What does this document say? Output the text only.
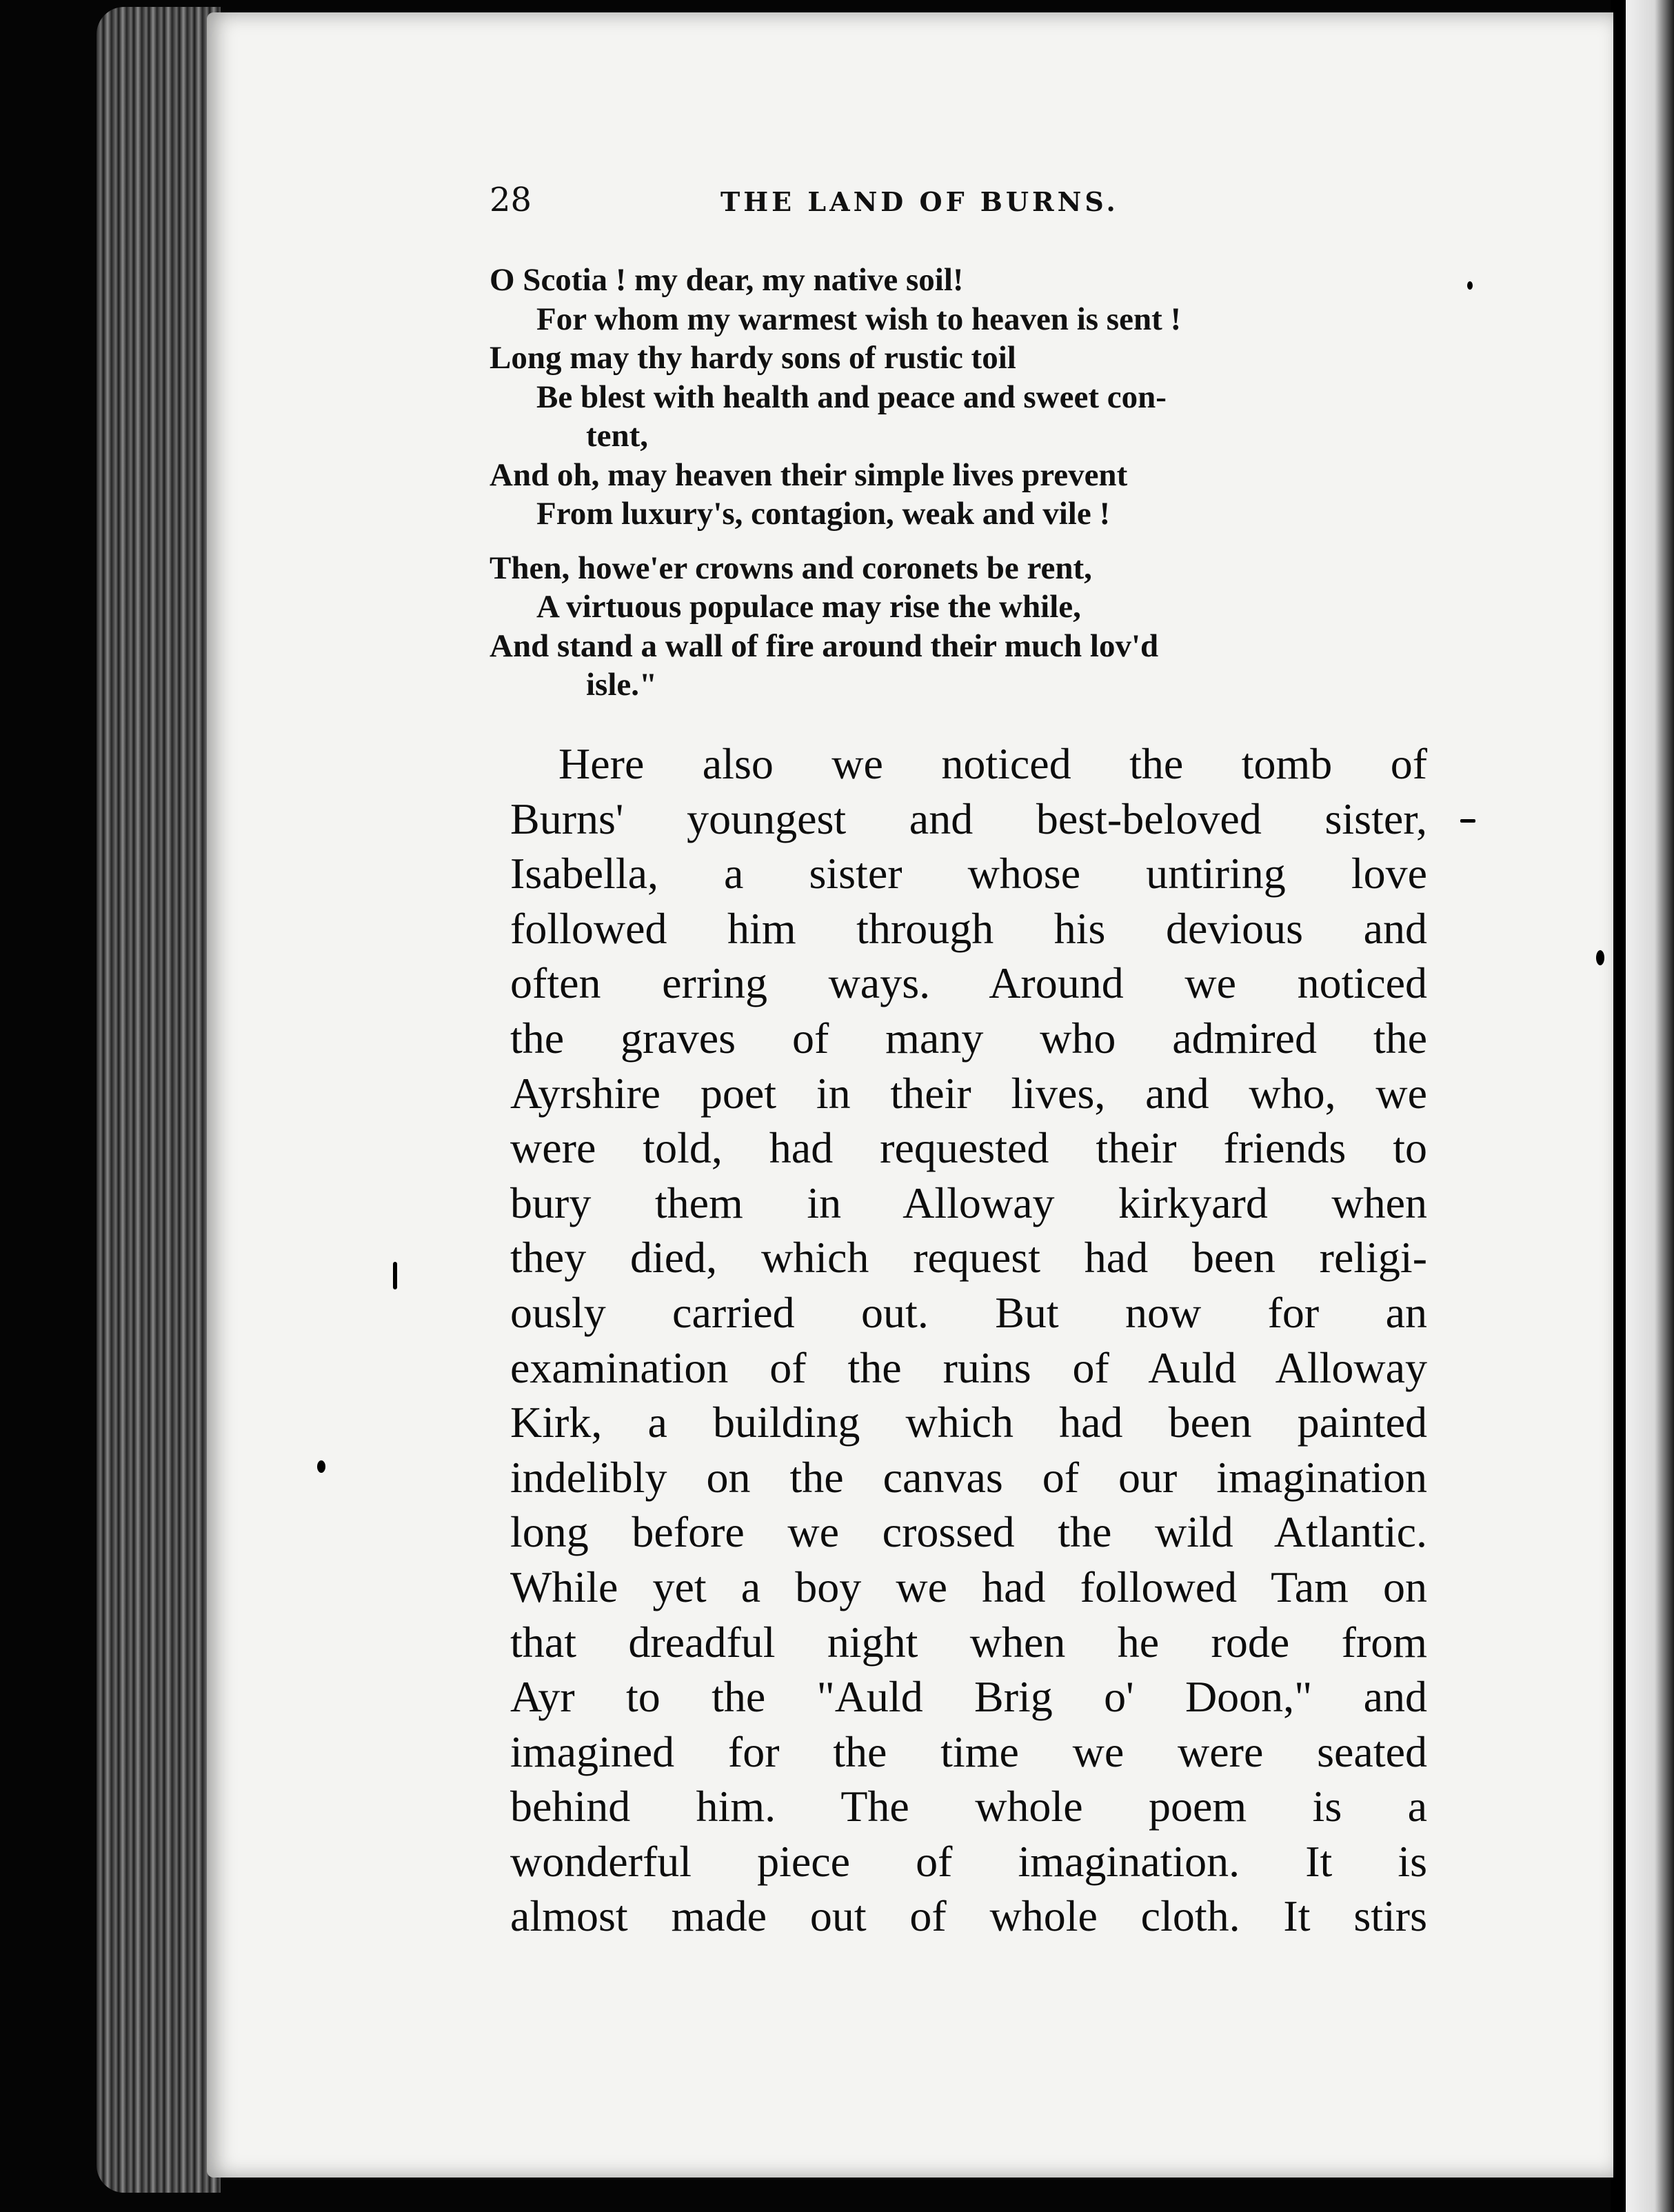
28	THE LAND OF BURNS.
O Scotia ! my dear, my native soil!
For whom my warmest wish to heaven is sent !
Long may thy hardy sons of rustic toil
Be blest with health and peace and sweet con-
tent,
And oh, may heaven their simple lives prevent
From luxury's, contagion, weak and vile !
Then, howe'er crowns and coronets be rent,
A virtuous populace may rise the while,
And stand a wall of fire around their much lov'd
isle."
Here also we noticed the tomb of
Burns' youngest and best-beloved sister,
Isabella, a sister whose untiring love
followed him through his devious and
often erring ways. Around we noticed
the graves of many who admired the
Ayrshire poet in their lives, and who, we
were told, had requested their friends to
bury them in Alloway kirkyard when
they died, which request had been religi-
ously carried out. But now for an
examination of the ruins of Auld Alloway
Kirk, a building which had been painted
indelibly on the canvas of our imagination
long before we crossed the wild Atlantic.
While yet a boy we had followed Tam on
that dreadful night when he rode from
Ayr to the "Auld Brig o' Doon," and
imagined for the time we were seated
behind him. The whole poem is a
wonderful piece of imagination. It is
almost made out of whole cloth. It stirs
